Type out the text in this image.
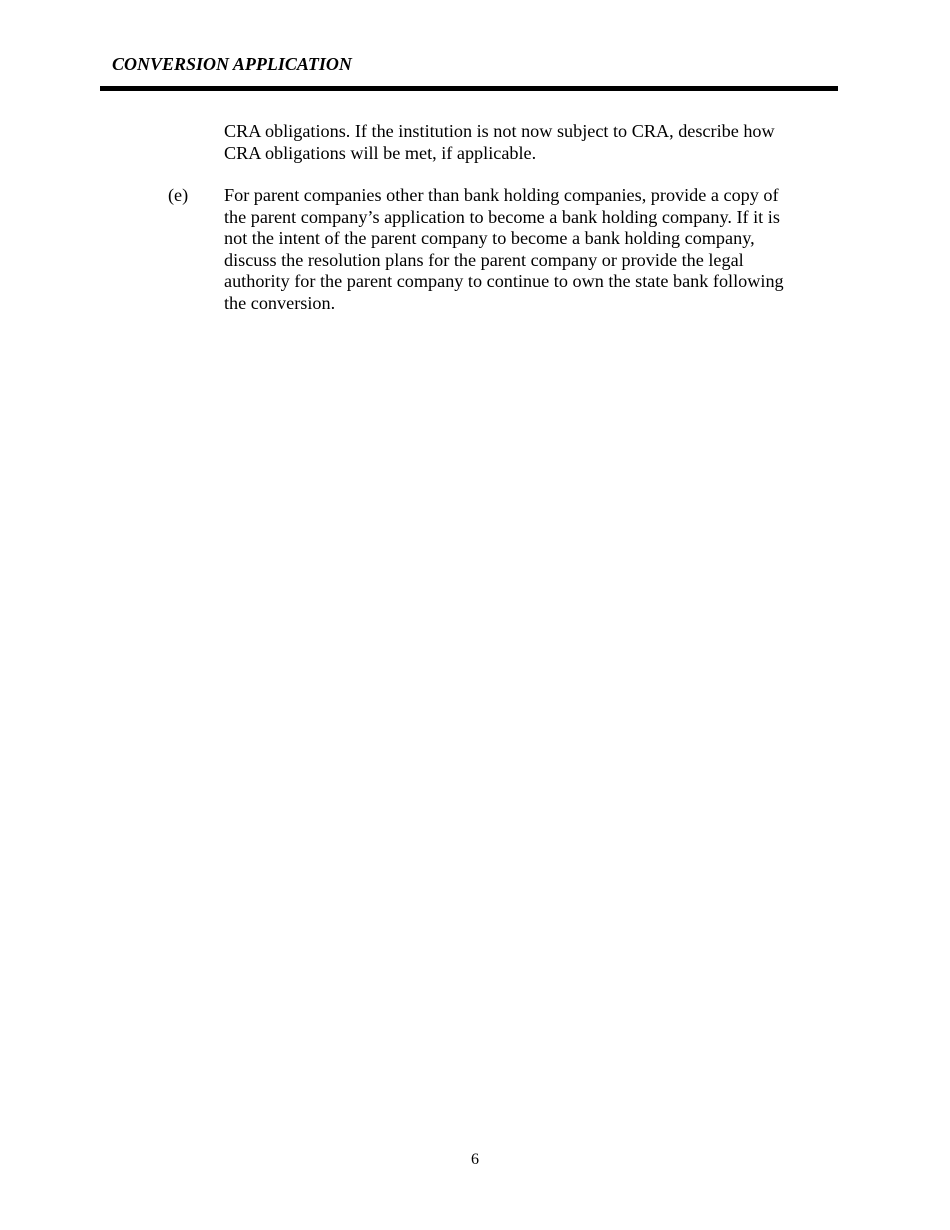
CONVERSION APPLICATION
CRA obligations. If the institution is not now subject to CRA, describe how
CRA obligations will be met, if applicable.
(e) For parent companies other than bank holding companies, provide a copy of
the parent company’s application to become a bank holding company. If it is
not the intent of the parent company to become a bank holding company,
discuss the resolution plans for the parent company or provide the legal
authority for the parent company to continue to own the state bank following
the conversion.
6
